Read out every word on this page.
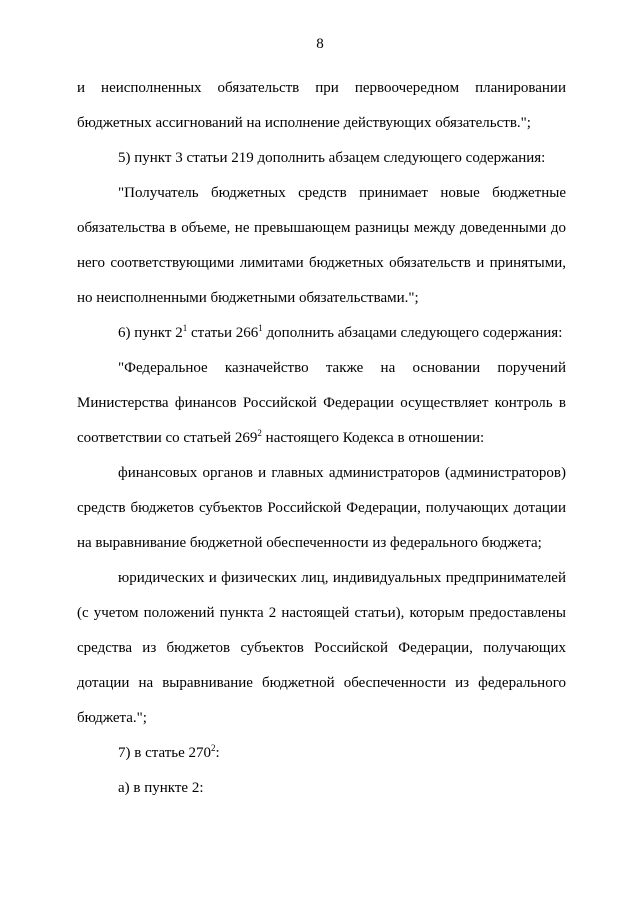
8

и неисполненных обязательств при первоочередном планировании бюджетных ассигнований на исполнение действующих обязательств.";

5) пункт 3 статьи 219 дополнить абзацем следующего содержания:

"Получатель бюджетных средств принимает новые бюджетные обязательства в объеме, не превышающем разницы между доведенными до него соответствующими лимитами бюджетных обязательств и принятыми, но неисполненными бюджетными обязательствами.";

6) пункт $2^1$ статьи $266^1$ дополнить абзацами следующего содержания:

"Федеральное казначейство также на основании поручений Министерства финансов Российской Федерации осуществляет контроль в соответствии со статьей $269^2$ настоящего Кодекса в отношении:

финансовых органов и главных администраторов (администраторов) средств бюджетов субъектов Российской Федерации, получающих дотации на выравнивание бюджетной обеспеченности из федерального бюджета;

юридических и физических лиц, индивидуальных предпринимателей (с учетом положений пункта 2 настоящей статьи), которым предоставлены средства из бюджетов субъектов Российской Федерации, получающих дотации на выравнивание бюджетной обеспеченности из федерального бюджета.";

7) в статье $270^2$:

а) в пункте 2:
